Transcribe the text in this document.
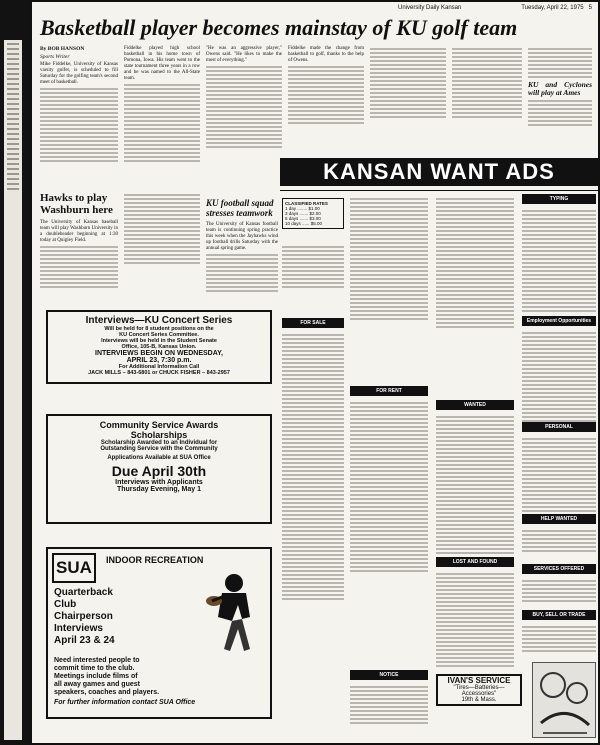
University Daily Kansan	Tuesday, April 22, 1975 5
Basketball player becomes mainstay of KU golf team
By BOB HANSON
Sports Writer
Mike Fiddelke, University of Kansas varsity golfer, is scheduled to fill Saturday for the golfing team's second meet of basketball.
Fiddelke played high school basketball in his home town of Pomona, Iowa. His team went to the state tournament three years in a row and he was named to the All-State team.
"He was an aggressive player," Owens said. "He likes to make the most of everything."
Fiddelke made the change from basketball to golf, thanks to the help of Owens.
KU and Cyclones will play at Ames
Hawks to play Washburn here
The University of Kansas baseball team will play Washburn University in a doubleheader beginning at 1:30 today at Quigley Field.
KU football squad stresses teamwork
The University of Kansas football team is continuing spring practice this week when the Jayhawks wind up football drills Saturday with the annual spring game.
Interviews—KU Concert Series
Will be held for 8 student positions on the
KU Concert Series Committee.
Interviews will be held in the Student Senate
Office, 105-B, Kansas Union.
INTERVIEWS BEGIN ON WEDNESDAY,
APRIL 23, 7:30 p.m.
For Additional Information Call
JACK MILLS – 843-6801 or CHUCK FISHER – 843-2957
Community Service Awards
Scholarships
Scholarship Awarded to an Individual for
Outstanding Service with the Community
Applications Available at SUA Office
Due April 30th
Interviews with Applicants
Thursday Evening, May 1
SUA	INDOOR RECREATION
Quarterback
Club
Chairperson
Interviews
April 23 & 24
Need interested people to
commit time to the club.
Meetings include films of
all away games and guest
speakers, coaches and players.
For further information contact SUA Office
KANSAN WANT ADS
CLASSIFIED RATES
1 day ........ $1.00
3 days ....... $2.00
5 days ....... $3.00
10 days ...... $5.00
FOR SALE
FOR RENT
WANTED
LOST AND FOUND
NOTICE
TYPING
Employment Opportunities
PERSONAL
HELP WANTED
SERVICES OFFERED
BUY, SELL OR TRADE
IVAN'S SERVICE
"Tires—Batteries—Accessories"
19th & Mass.
